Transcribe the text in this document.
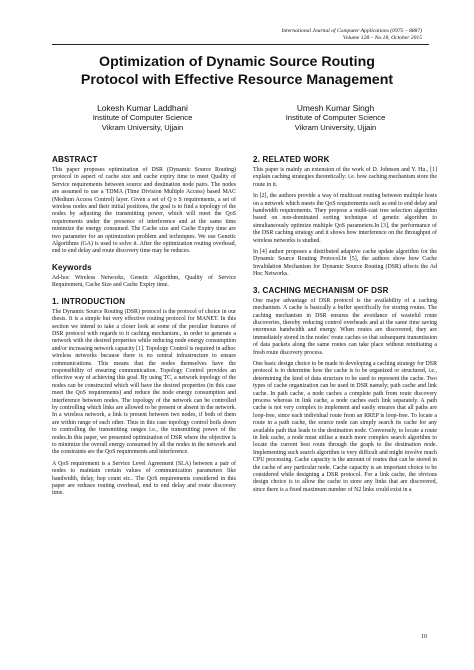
International Journal of Computer Applications (0975 – 8887)
Volume 128 – No.18, October 2015
Optimization of Dynamic Source Routing
Protocol with Effective Resource Management
Lokesh Kumar Laddhani
Institute of Computer Science
Vikram University, Ujjain
Umesh Kumar Singh
Institute of Computer Science
Vikram University, Ujjain
ABSTRACT

This paper proposes optimization of DSR (Dynamic Source Routing) protocol in aspect of cache size and cache expiry time to meet Quality of Service requirements between source and destination node pairs. The nodes are assumed to use a TDMA (Time Division Multiple Access) based MAC (Medium Access Control) layer. Given a set of Q o S requirements, a set of wireless nodes and their initial positions, the goal is to find a topology of the nodes by adjusting the transmitting power, which will meet the QoS requirements under the presence of interference and at the same time minimize the energy consumed. The Cache size and Cache Expiry time are two parameter for an optimization problem and techniques. We use Genetic Algorithms (GA) is used to solve it. After the optimization routing overhead, end to end delay and route discovery time may be reduces.

Keywords

Ad-hoc Wireless Networks, Genetic Algorithm, Quality of Service Requirement, Cache Size and Cache Expiry time.

1. INTRODUCTION

The Dynamic Source Routing (DSR) protocol is the protocol of choice in our thesis. It is a simple but very effective routing protocol for MANET. In this section we intend to take a closer look at some of the peculiar features of DSR protocol with regards to it caching mechanism., in order to generate a network with the desired properties while reducing node energy consumption and/or increasing network capacity [1]. Topology Control is required in adhoc wireless networks because there is no central infrastructure to ensure communications. This means that the nodes themselves have the responsibility of ensuring communication. Topology Control provides an effective way of achieving this goal. By using TC, a network topology of the nodes can be constructed which will have the desired properties (in this case meet the QoS requirements) and reduce the node energy consumption and interference between nodes. The topology of the network can be controlled by controlling which links are allowed to be present or absent in the network. In a wireless network, a link is present between two nodes, if both of them are within range of each other. Thus in this case topology control boils down to controlling the transmitting ranges i.e., the transmitting power of the nodes.In this paper, we presented optimization of DSR where the objective is to minimize the overall energy consumed by all the nodes in the network and the constraints are the QoS requirements and interference.

A QoS requirement is a Service Level Agreement (SLA) between a pair of nodes to maintain certain values of communication parameters like bandwidth, delay, hop count etc.. The QoS requirements considered in this paper are reduses routing overhead, end to end delay and route discovery time.

2. RELATED WORK

This paper is mainly an extension of the work of D. Johnson and Y. Hu., [1] explain caching strategies theoretically: i.e. how caching mechanism store the route in it.

In [2], the authors provide a way of multicast routing between multiple hosts on a network which meets the QoS requirements such as end to end delay and bandwidth requirements. They propose a multi-cast tree selection algorithm based on non-dominated sorting technique of genetic algorithm to simultaneously optimize multiple QoS parameters.In [3], the performance of the DSR caching strategy and it shows how interference on the throughput of wireless networks is studied.

In [4] author proposes a distributed adaptive cache update algorithm for the Dynamic Source Routing Protocol.In [5], the authors show how Cache Invalidation Mechanism for Dynamic Source Routing (DSR) affects the Ad Hoc Networks.

3. CACHING MECHANISM OF DSR

One major advantage of DSR protocol is the availability of a caching mechanism. A cache is basically a buffer specifically for storing routes. The caching mechanism in DSR ensures the avoidance of wasteful route discoveries, thereby reducing control overheads and at the same time saving enormous bandwidth and energy. When routes are discovered, they are immediately stored in the nodes' route caches so that subsequent transmission of data packets along the same routes can take place without reinitiating a fresh route discovery process.

One basic design choice to be made in developing a caching strategy for DSR protocol is to determine how the cache is to be organized or structured, i.e., determining the kind of data structure to be used to represent the cache. Two types of cache organization can be used in DSR namely; path cache and link cache. In path cache, a node caches a complete path from route discovery process whereas in link cache, a node caches each link separately. A path cache is not very complex to implement and easily ensures that all paths are loop-free, since each individual route from an RREP is loop-free. To locate a route in a path cache, the source node can simply search its cache for any available path that leads to the destination node. Conversely, to locate a route in link cache, a node must utilise a much more complex search algorithm to locate the current best route through the graph to the destination node. Implementing such search algorithm is very difficult and might involve much CPU processing. Cache capacity is the amount of routes that can be stored in the cache of any particular node. Cache capacity is an important choice to be considered while designing a DSR protocol. For a link cache, the obvious design choice is to allow the cache to store any links that are discovered, since there is a fixed maximum number of N2 links could exist in a

10
